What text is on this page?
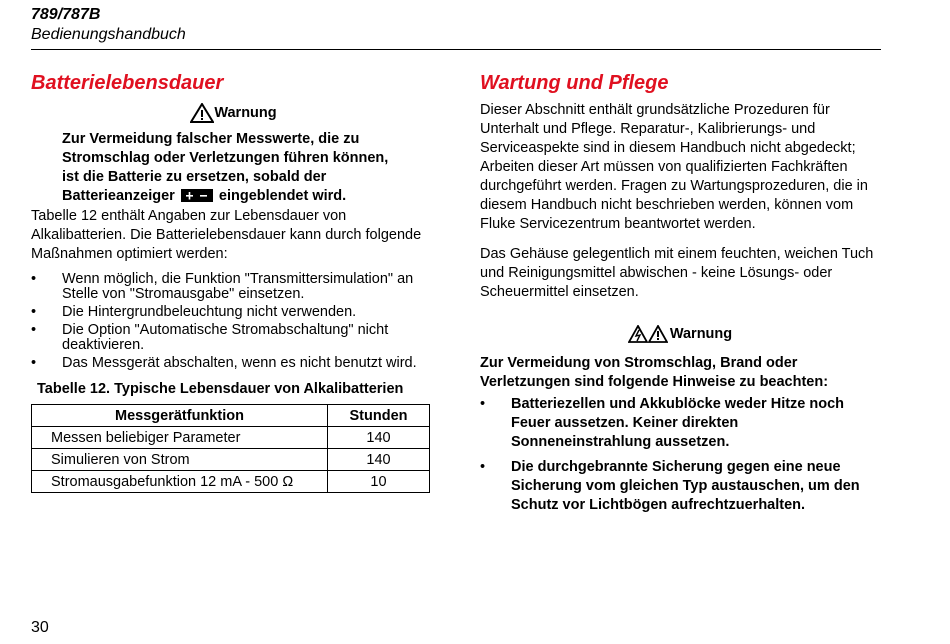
789/787B
Bedienungshandbuch
Batterielebensdauer
Warnung
Zur Vermeidung falscher Messwerte, die zu Stromschlag oder Verletzungen führen können, ist die Batterie zu ersetzen, sobald der Batterieanzeiger	eingeblendet wird.

Tabelle 12 enthält Angaben zur Lebensdauer von Alkalibatterien. Die Batterielebensdauer kann durch folgende Maßnahmen optimiert werden:

• Wenn möglich, die Funktion "Transmittersimulation" an Stelle von "Stromausgabe" einsetzen.
• Die Hintergrundbeleuchtung nicht verwenden.
• Die Option "Automatische Stromabschaltung" nicht deaktivieren.
• Das Messgerät abschalten, wenn es nicht benutzt wird.
Tabelle 12. Typische Lebensdauer von Alkalibatterien
Messgerätfunktion	Stunden
Messen beliebiger Parameter	140
Simulieren von Strom	140
Stromausgabefunktion 12 mA - 500 Ω	10
Wartung und Pflege

Dieser Abschnitt enthält grundsätzliche Prozeduren für Unterhalt und Pflege. Reparatur-, Kalibrierungs- und Serviceaspekte sind in diesem Handbuch nicht abgedeckt; Arbeiten dieser Art müssen von qualifizierten Fachkräften durchgeführt werden. Fragen zu Wartungsprozeduren, die in diesem Handbuch nicht beschrieben werden, können vom Fluke Servicezentrum beantwortet werden.

Das Gehäuse gelegentlich mit einem feuchten, weichen Tuch und Reinigungsmittel abwischen - keine Lösungs- oder Scheuermittel einsetzen.

Warnung
Zur Vermeidung von Stromschlag, Brand oder Verletzungen sind folgende Hinweise zu beachten:
• Batteriezellen und Akkublöcke weder Hitze noch Feuer aussetzen. Keiner direkten Sonneneinstrahlung aussetzen.
• Die durchgebrannte Sicherung gegen eine neue Sicherung vom gleichen Typ austauschen, um den Schutz vor Lichtbögen aufrechtzuerhalten.
30
